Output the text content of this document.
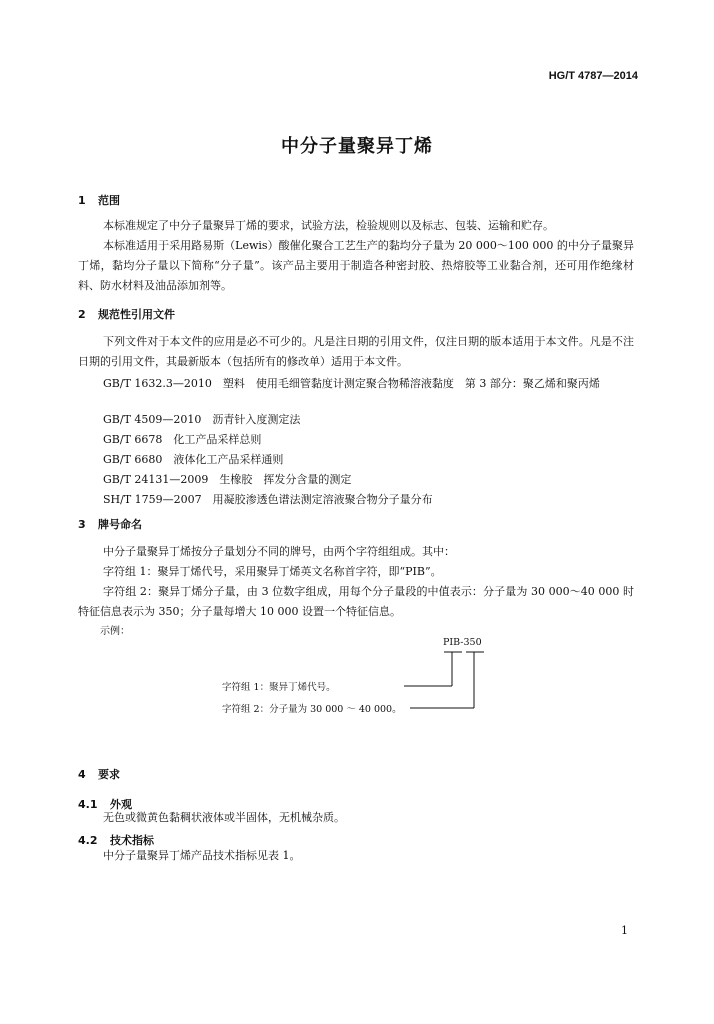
HG/T 4787—2014
中分子量聚异丁烯
1 范围
本标准规定了中分子量聚异丁烯的要求，试验方法，检验规则以及标志、包装、运输和贮存。
本标准适用于采用路易斯（Lewis）酸催化聚合工艺生产的黏均分子量为 20 000～100 000 的中分子量聚异丁烯，黏均分子量以下简称“分子量”。该产品主要用于制造各种密封胶、热熔胶等工业黏合剂，还可用作绝缘材料、防水材料及油品添加剂等。
2 规范性引用文件
下列文件对于本文件的应用是必不可少的。凡是注日期的引用文件，仅注日期的版本适用于本文件。凡是不注日期的引用文件，其最新版本（包括所有的修改单）适用于本文件。
GB/T 1632.3—2010　 塑料　使用毛细管黏度计测定聚合物稀溶液黏度　第 3 部分：聚乙烯和聚丙烯
GB/T 4509—2010　 沥青针入度测定法
GB/T 6678　 化工产品采样总则
GB/T 6680　 液体化工产品采样通则
GB/T 24131—2009　 生橡胶　挥发分含量的测定
SH/T 1759—2007　 用凝胶渗透色谱法测定溶液聚合物分子量分布
3 牌号命名
中分子量聚异丁烯按分子量划分不同的牌号，由两个字符组组成。其中：
字符组 1：聚异丁烯代号，采用聚异丁烯英文名称首字符，即“PIB”。
字符组 2：聚异丁烯分子量，由 3 位数字组成，用每个分子量段的中值表示：分子量为 30 000～40 000 时特征信息表示为 350；分子量每增大 10 000 设置一个特征信息。
示例：
PIB-350
字符组 1：聚异丁烯代号。
字符组 2：分子量为 30 000 ～ 40 000。
4 要求
4.1 外观
无色或微黄色黏稠状液体或半固体，无机械杂质。
4.2 技术指标
中分子量聚异丁烯产品技术指标见表 1。
1
